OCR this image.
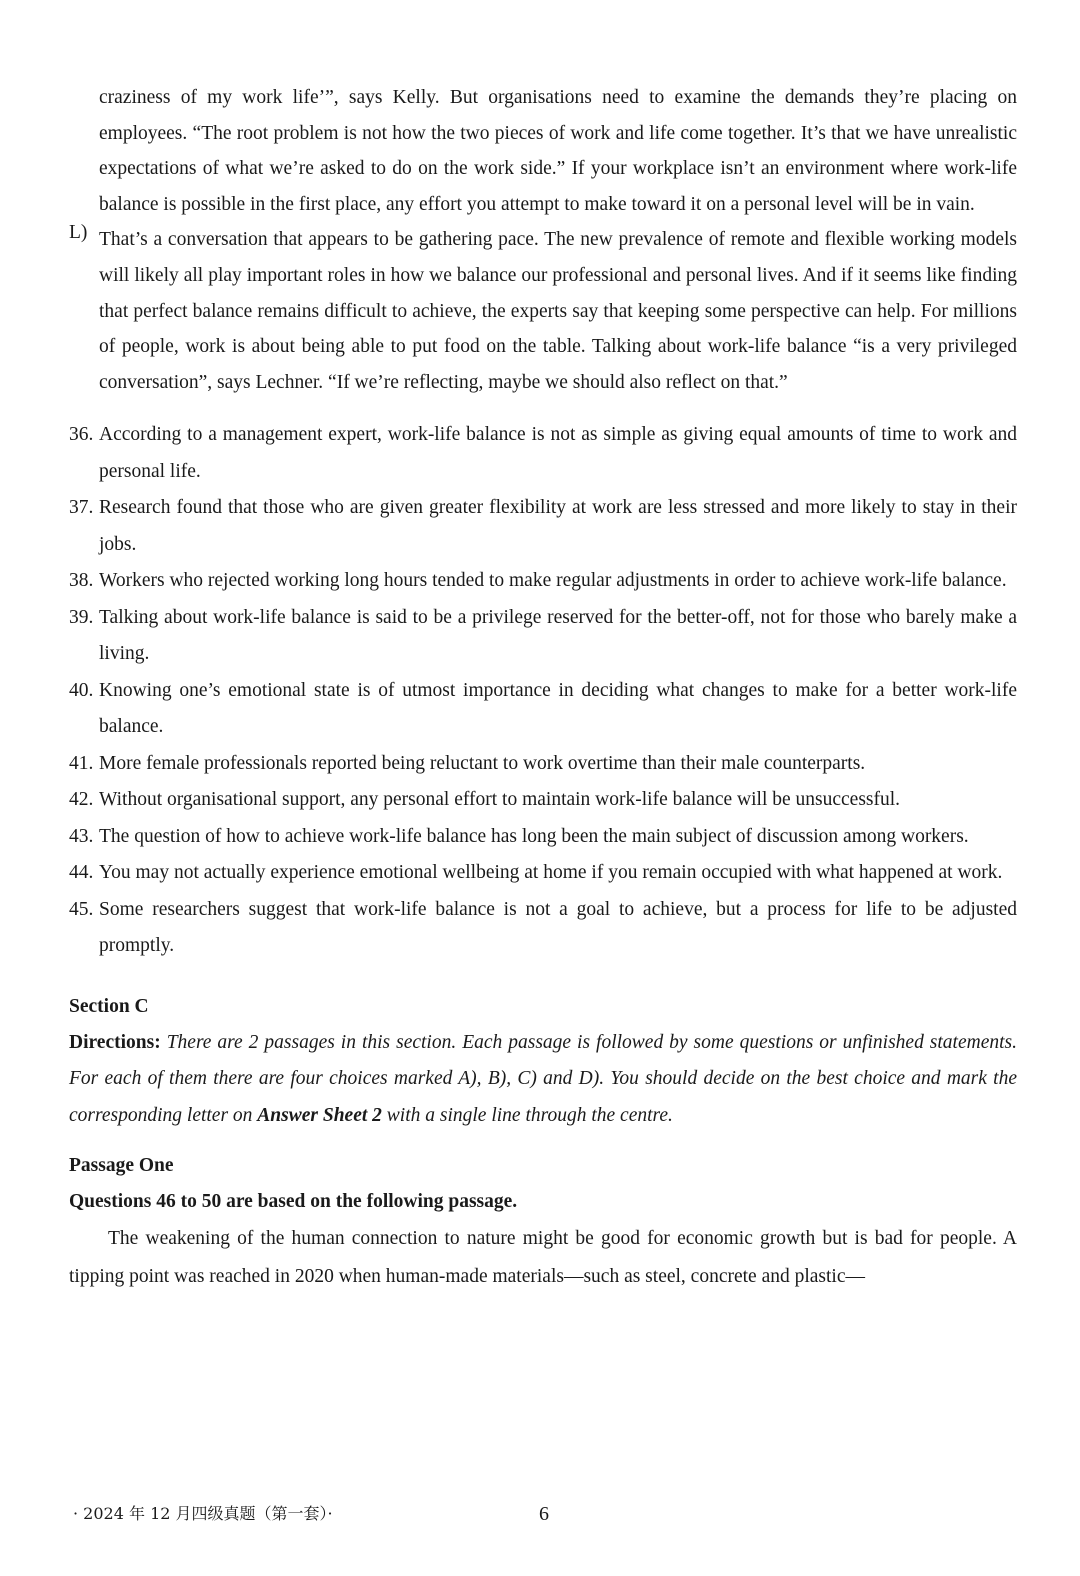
craziness of my work life’”, says Kelly. But organisations need to examine the demands they’re placing on employees. “The root problem is not how the two pieces of work and life come together. It’s that we have unrealistic expectations of what we’re asked to do on the work side.” If your workplace isn’t an environment where work-life balance is possible in the first place, any effort you attempt to make toward it on a personal level will be in vain.

L) That’s a conversation that appears to be gathering pace. The new prevalence of remote and flexible working models will likely all play important roles in how we balance our professional and personal lives. And if it seems like finding that perfect balance remains difficult to achieve, the experts say that keeping some perspective can help. For millions of people, work is about being able to put food on the table. Talking about work-life balance “is a very privileged conversation”, says Lechner. “If we’re reflecting, maybe we should also reflect on that.”
36. According to a management expert, work-life balance is not as simple as giving equal amounts of time to work and personal life.
37. Research found that those who are given greater flexibility at work are less stressed and more likely to stay in their jobs.
38. Workers who rejected working long hours tended to make regular adjustments in order to achieve work-life balance.
39. Talking about work-life balance is said to be a privilege reserved for the better-off, not for those who barely make a living.
40. Knowing one’s emotional state is of utmost importance in deciding what changes to make for a better work-life balance.
41. More female professionals reported being reluctant to work overtime than their male counterparts.
42. Without organisational support, any personal effort to maintain work-life balance will be unsuccessful.
43. The question of how to achieve work-life balance has long been the main subject of discussion among workers.
44. You may not actually experience emotional wellbeing at home if you remain occupied with what happened at work.
45. Some researchers suggest that work-life balance is not a goal to achieve, but a process for life to be adjusted promptly.

Section C

Directions: There are 2 passages in this section. Each passage is followed by some questions or unfinished statements. For each of them there are four choices marked A), B), C) and D). You should decide on the best choice and mark the corresponding letter on Answer Sheet 2 with a single line through the centre.

Passage One

Questions 46 to 50 are based on the following passage.

The weakening of the human connection to nature might be good for economic growth but is bad for people. A tipping point was reached in 2020 when human-made materials—such as steel, concrete and plastic—

· 2024 年 12 月四级真题（第一套）·	6
